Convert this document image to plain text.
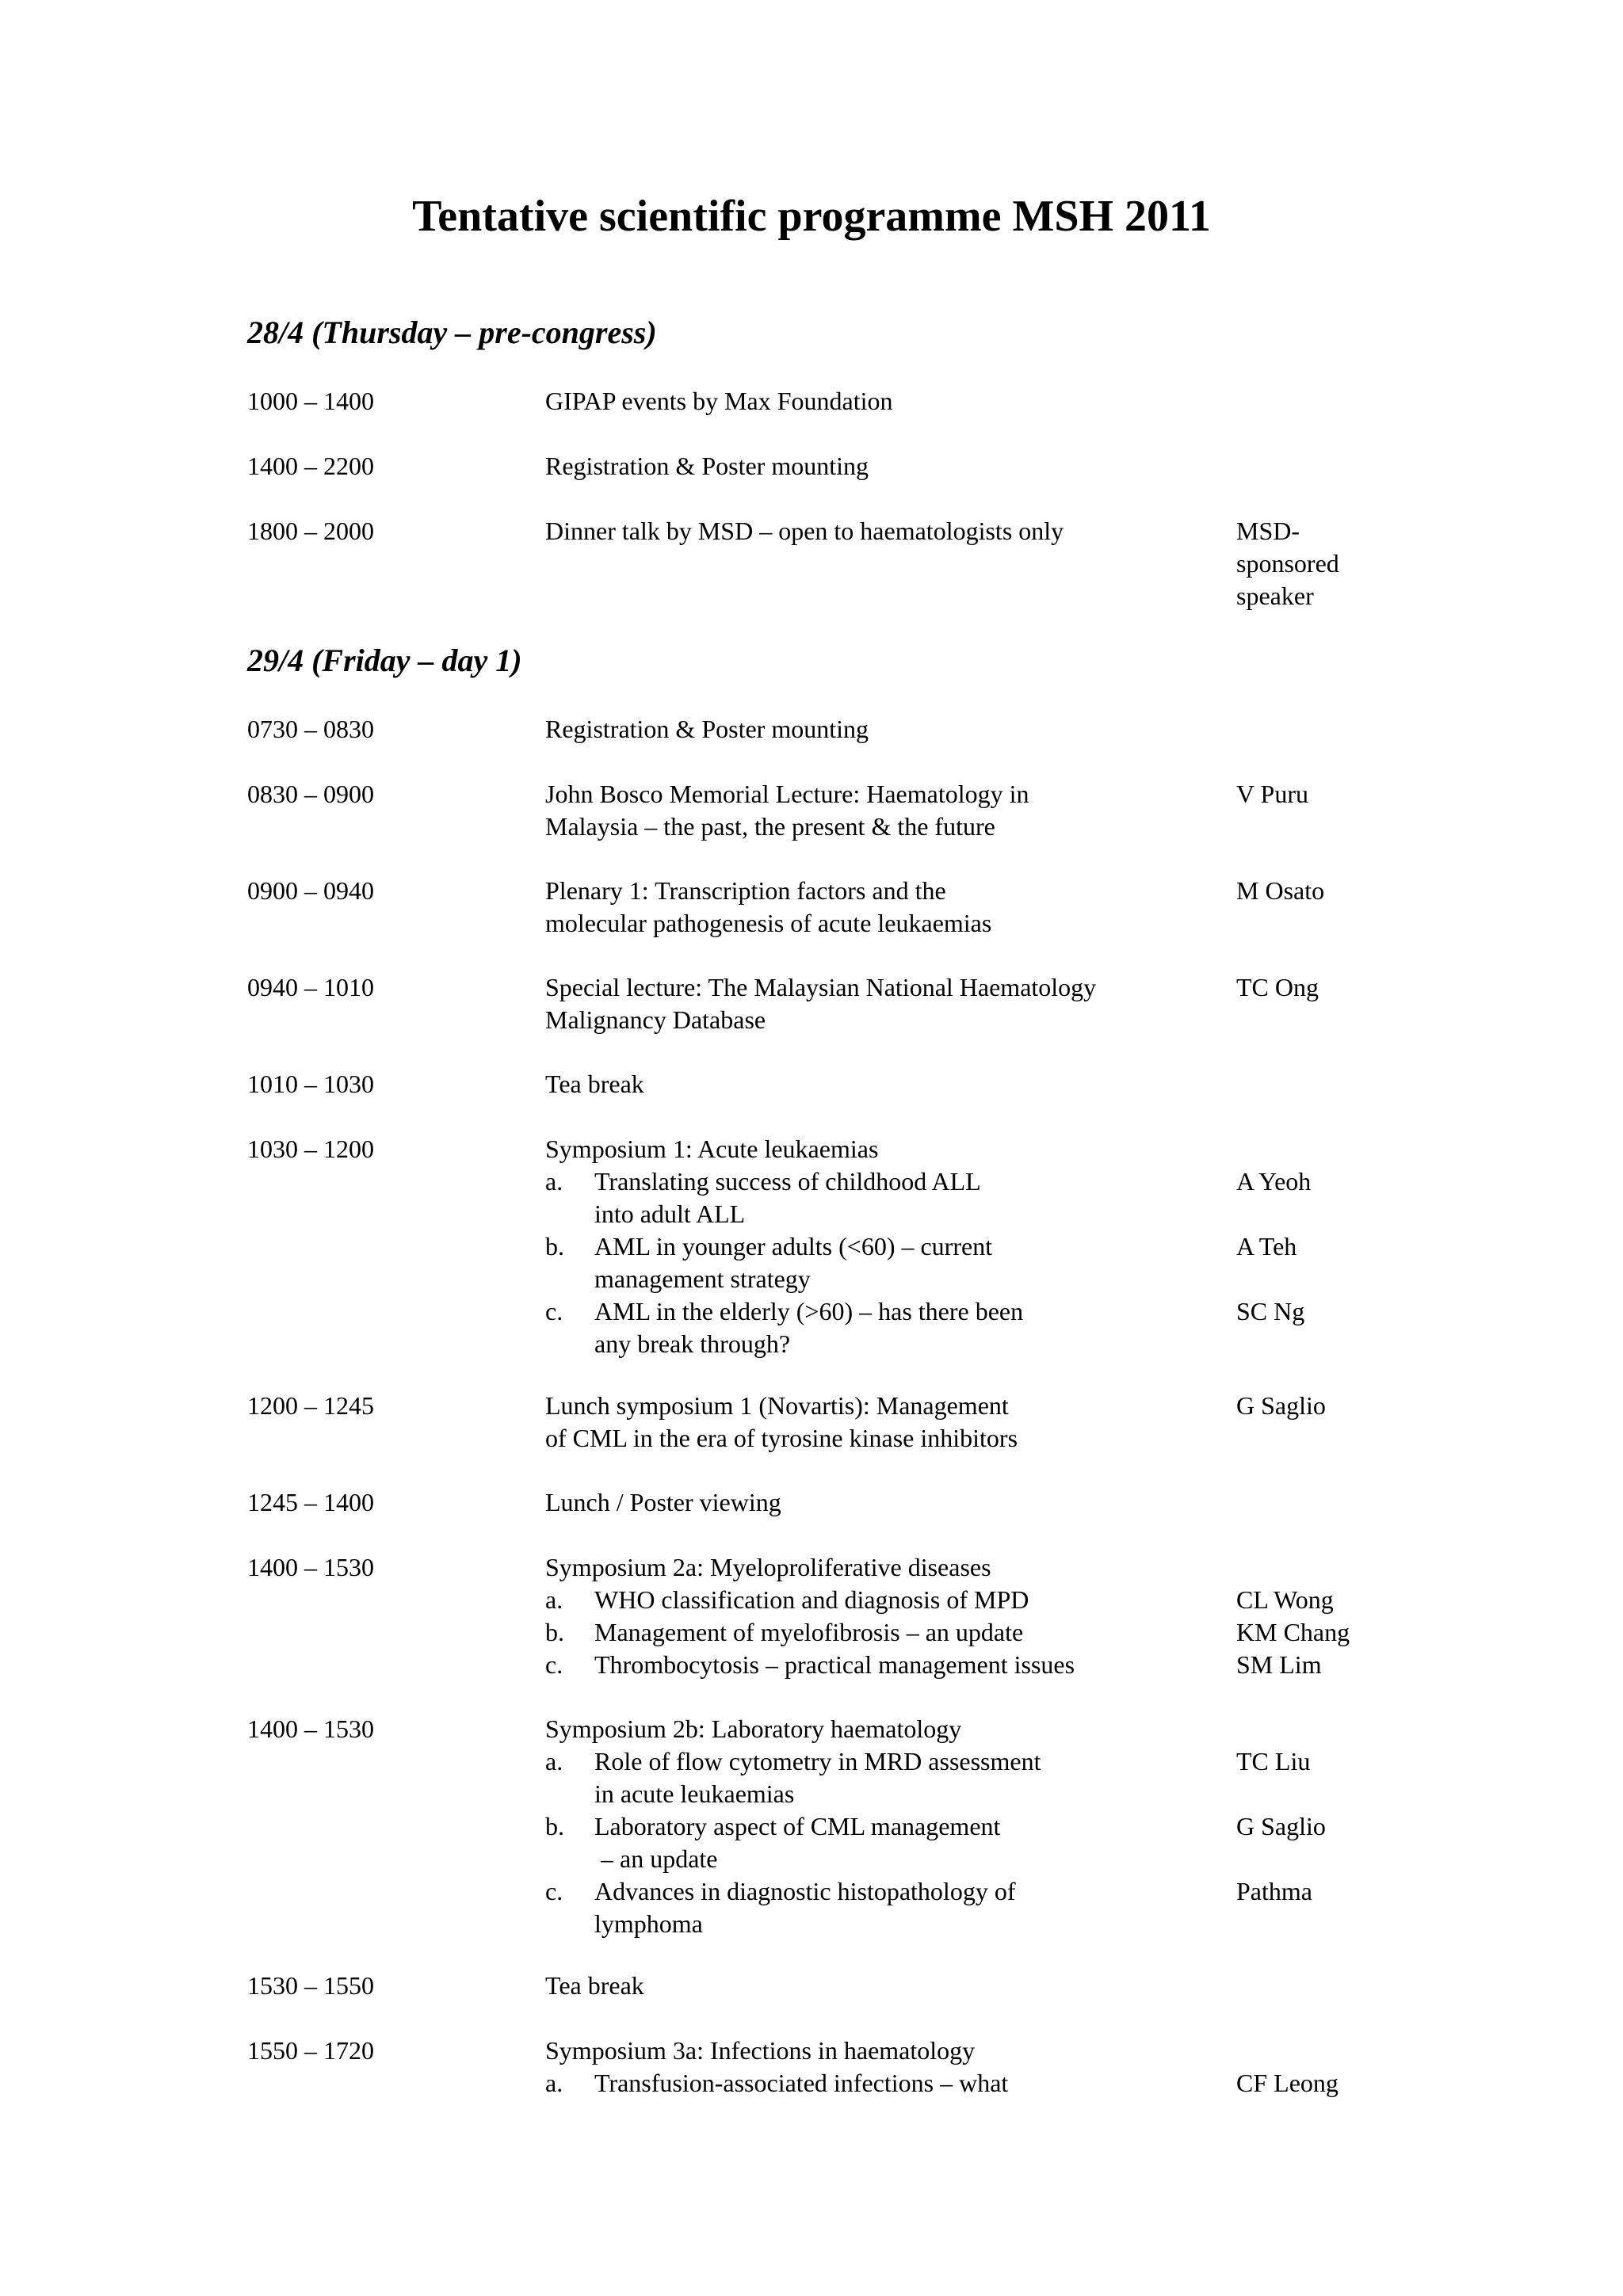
Tentative scientific programme MSH 2011
28/4 (Thursday – pre-congress)
1000 – 1400	GIPAP events by Max Foundation
1400 – 2200	Registration & Poster mounting
1800 – 2000	Dinner talk by MSD – open to haematologists only	MSD-
sponsored
speaker
29/4 (Friday – day 1)
0730 – 0830	Registration & Poster mounting
0830 – 0900	John Bosco Memorial Lecture: Haematology in
Malaysia – the past, the present & the future
V Puru
0900 – 0940	Plenary 1: Transcription factors and the
molecular pathogenesis of acute leukaemias
M Osato
0940 – 1010	Special lecture: The Malaysian National Haematology
Malignancy Database
TC Ong
1010 – 1030	Tea break
1030 – 1200	Symposium 1: Acute leukaemias
a. Translating success of childhood ALL
into adult ALL
A Yeoh
b. AML in younger adults (<60) – current
management strategy
A Teh
c. AML in the elderly (>60) – has there been
any break through?
SC Ng
1200 – 1245	Lunch symposium 1 (Novartis): Management
of CML in the era of tyrosine kinase inhibitors
G Saglio
1245 – 1400	Lunch / Poster viewing
1400 – 1530	Symposium 2a: Myeloproliferative diseases
a. WHO classification and diagnosis of MPD	CL Wong
b. Management of myelofibrosis – an update	KM Chang
c. Thrombocytosis – practical management issues	SM Lim
1400 – 1530	Symposium 2b: Laboratory haematology
a. Role of flow cytometry in MRD assessment
in acute leukaemias
TC Liu
b. Laboratory aspect of CML management
– an update
G Saglio
c. Advances in diagnostic histopathology of
lymphoma
Pathma
1530 – 1550	Tea break
1550 – 1720	Symposium 3a: Infections in haematology
a. Transfusion-associated infections – what	CF Leong
